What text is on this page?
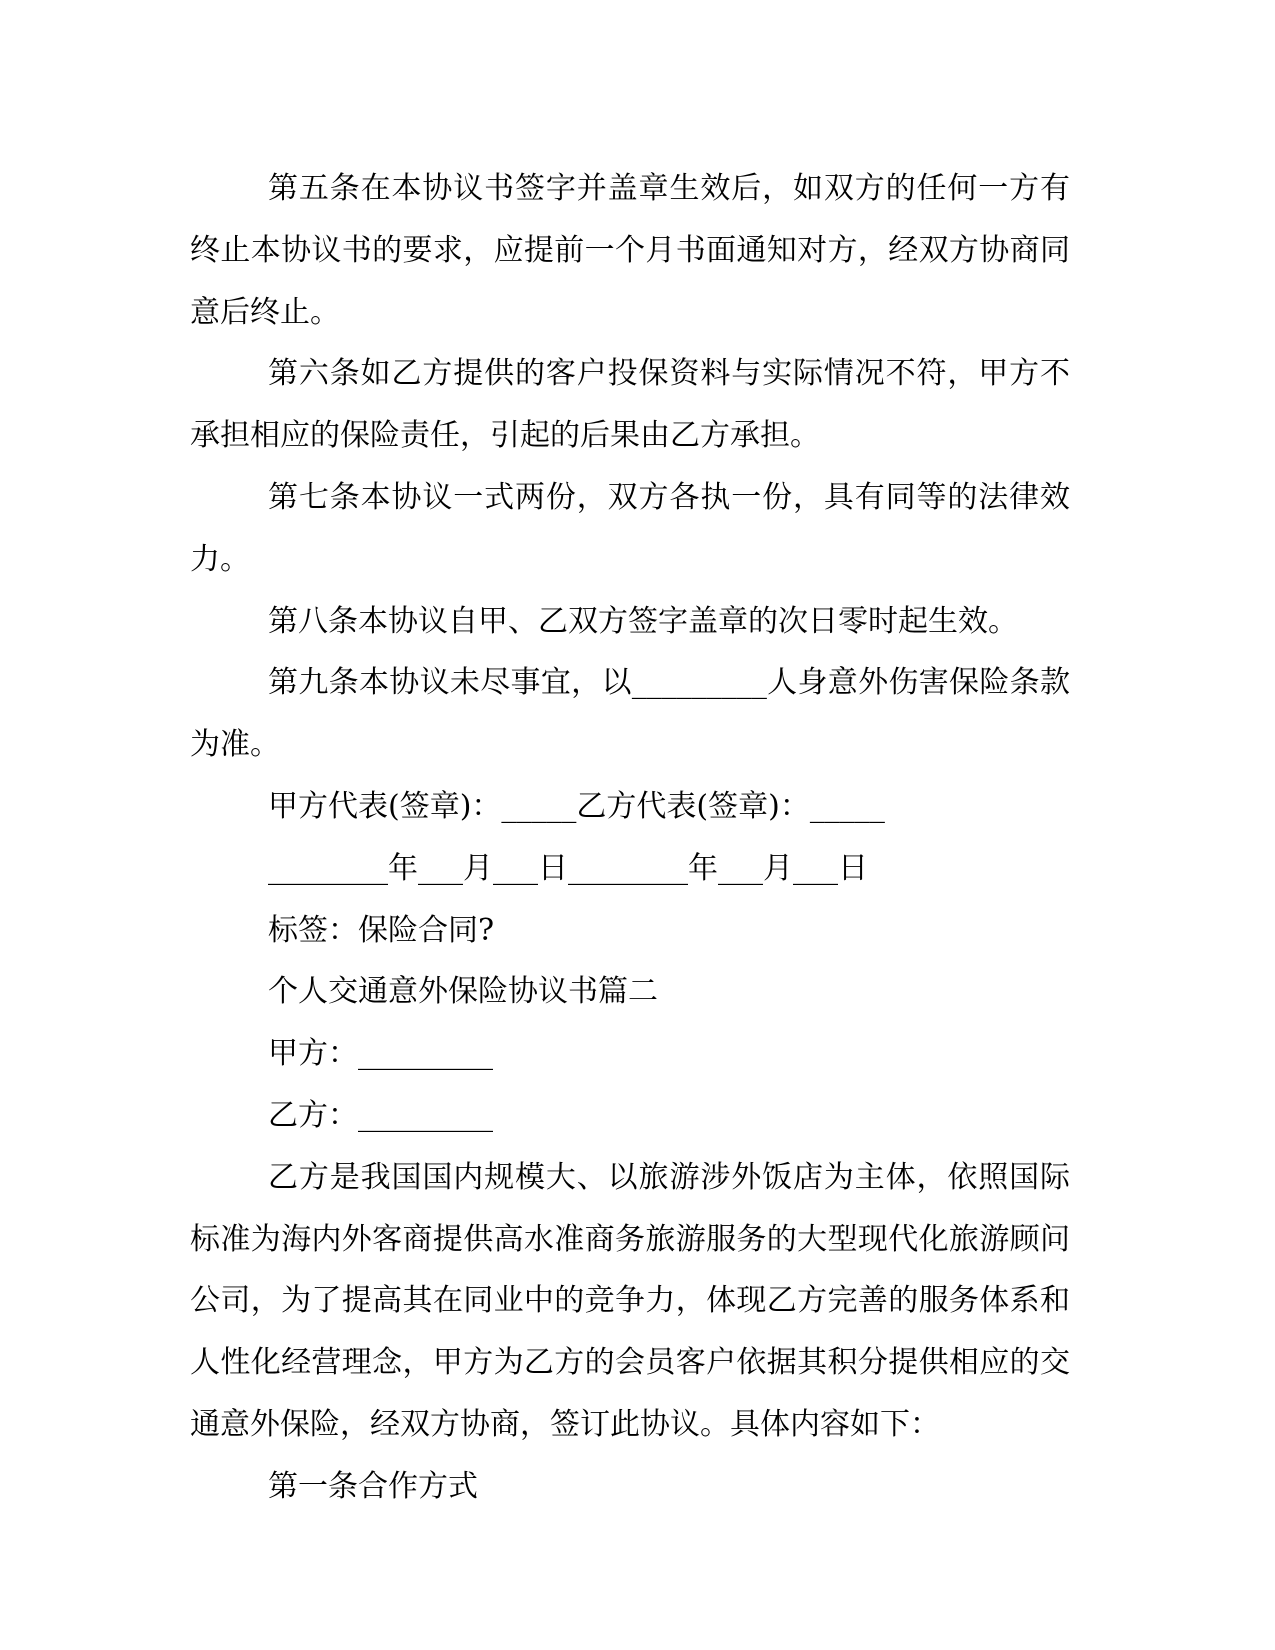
第五条在本协议书签字并盖章生效后，如双方的任何一方有终止本协议书的要求，应提前一个月书面通知对方，经双方协商同意后终止。

第六条如乙方提供的客户投保资料与实际情况不符，甲方不承担相应的保险责任，引起的后果由乙方承担。

第七条本协议一式两份，双方各执一份，具有同等的法律效力。

第八条本协议自甲、乙双方签字盖章的次日零时起生效。

第九条本协议未尽事宜，以_________人身意外伤害保险条款为准。

甲方代表(签章)：_____乙方代表(签章)：_____

________年___月___日________年___月___日

标签：保险合同?

个人交通意外保险协议书篇二

甲方：_________

乙方：_________

乙方是我国国内规模大、以旅游涉外饭店为主体，依照国际标准为海内外客商提供高水准商务旅游服务的大型现代化旅游顾问公司，为了提高其在同业中的竞争力，体现乙方完善的服务体系和人性化经营理念，甲方为乙方的会员客户依据其积分提供相应的交通意外保险，经双方协商，签订此协议。具体内容如下：

第一条合作方式
